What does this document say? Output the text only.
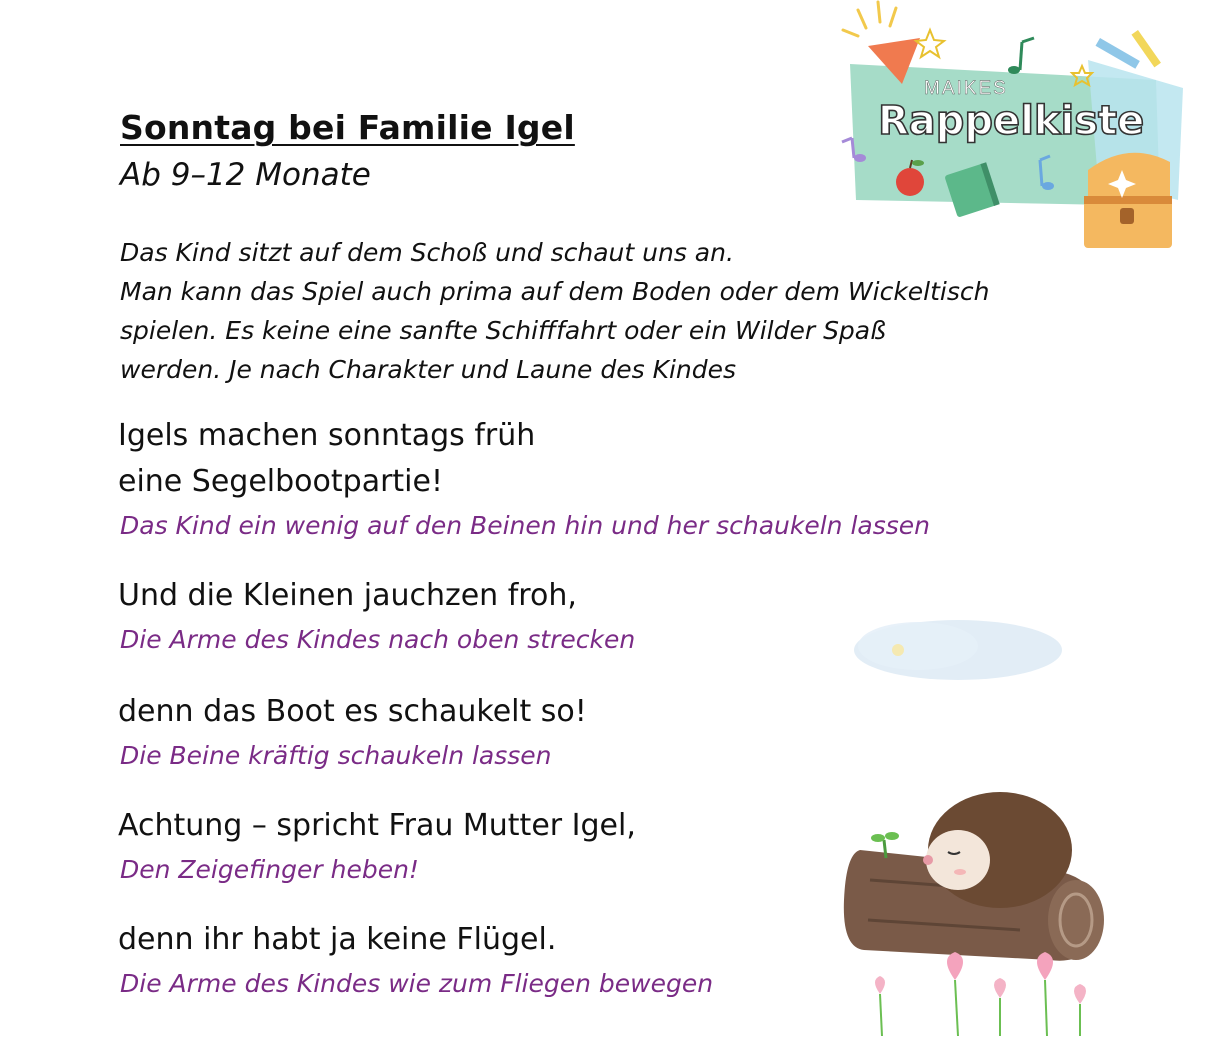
Sonntag bei Familie Igel
Ab 9–12 Monate
Das Kind sitzt auf dem Schoß und schaut uns an.
Man kann das Spiel auch prima auf dem Boden oder dem Wickeltisch
spielen. Es keine eine sanfte Schifffahrt oder ein Wilder Spaß
werden. Je nach Charakter und Laune des Kindes
Igels machen sonntags früh
eine Segelbootpartie!
Das Kind ein wenig auf den Beinen hin und her schaukeln lassen
Und die Kleinen jauchzen froh,
Die Arme des Kindes nach oben strecken
denn das Boot es schaukelt so!
Die Beine kräftig schaukeln lassen
Achtung – spricht Frau Mutter Igel,
Den Zeigefinger heben!
denn ihr habt ja keine Flügel.
Die Arme des Kindes wie zum Fliegen bewegen
MAIKES
Rappelkiste
